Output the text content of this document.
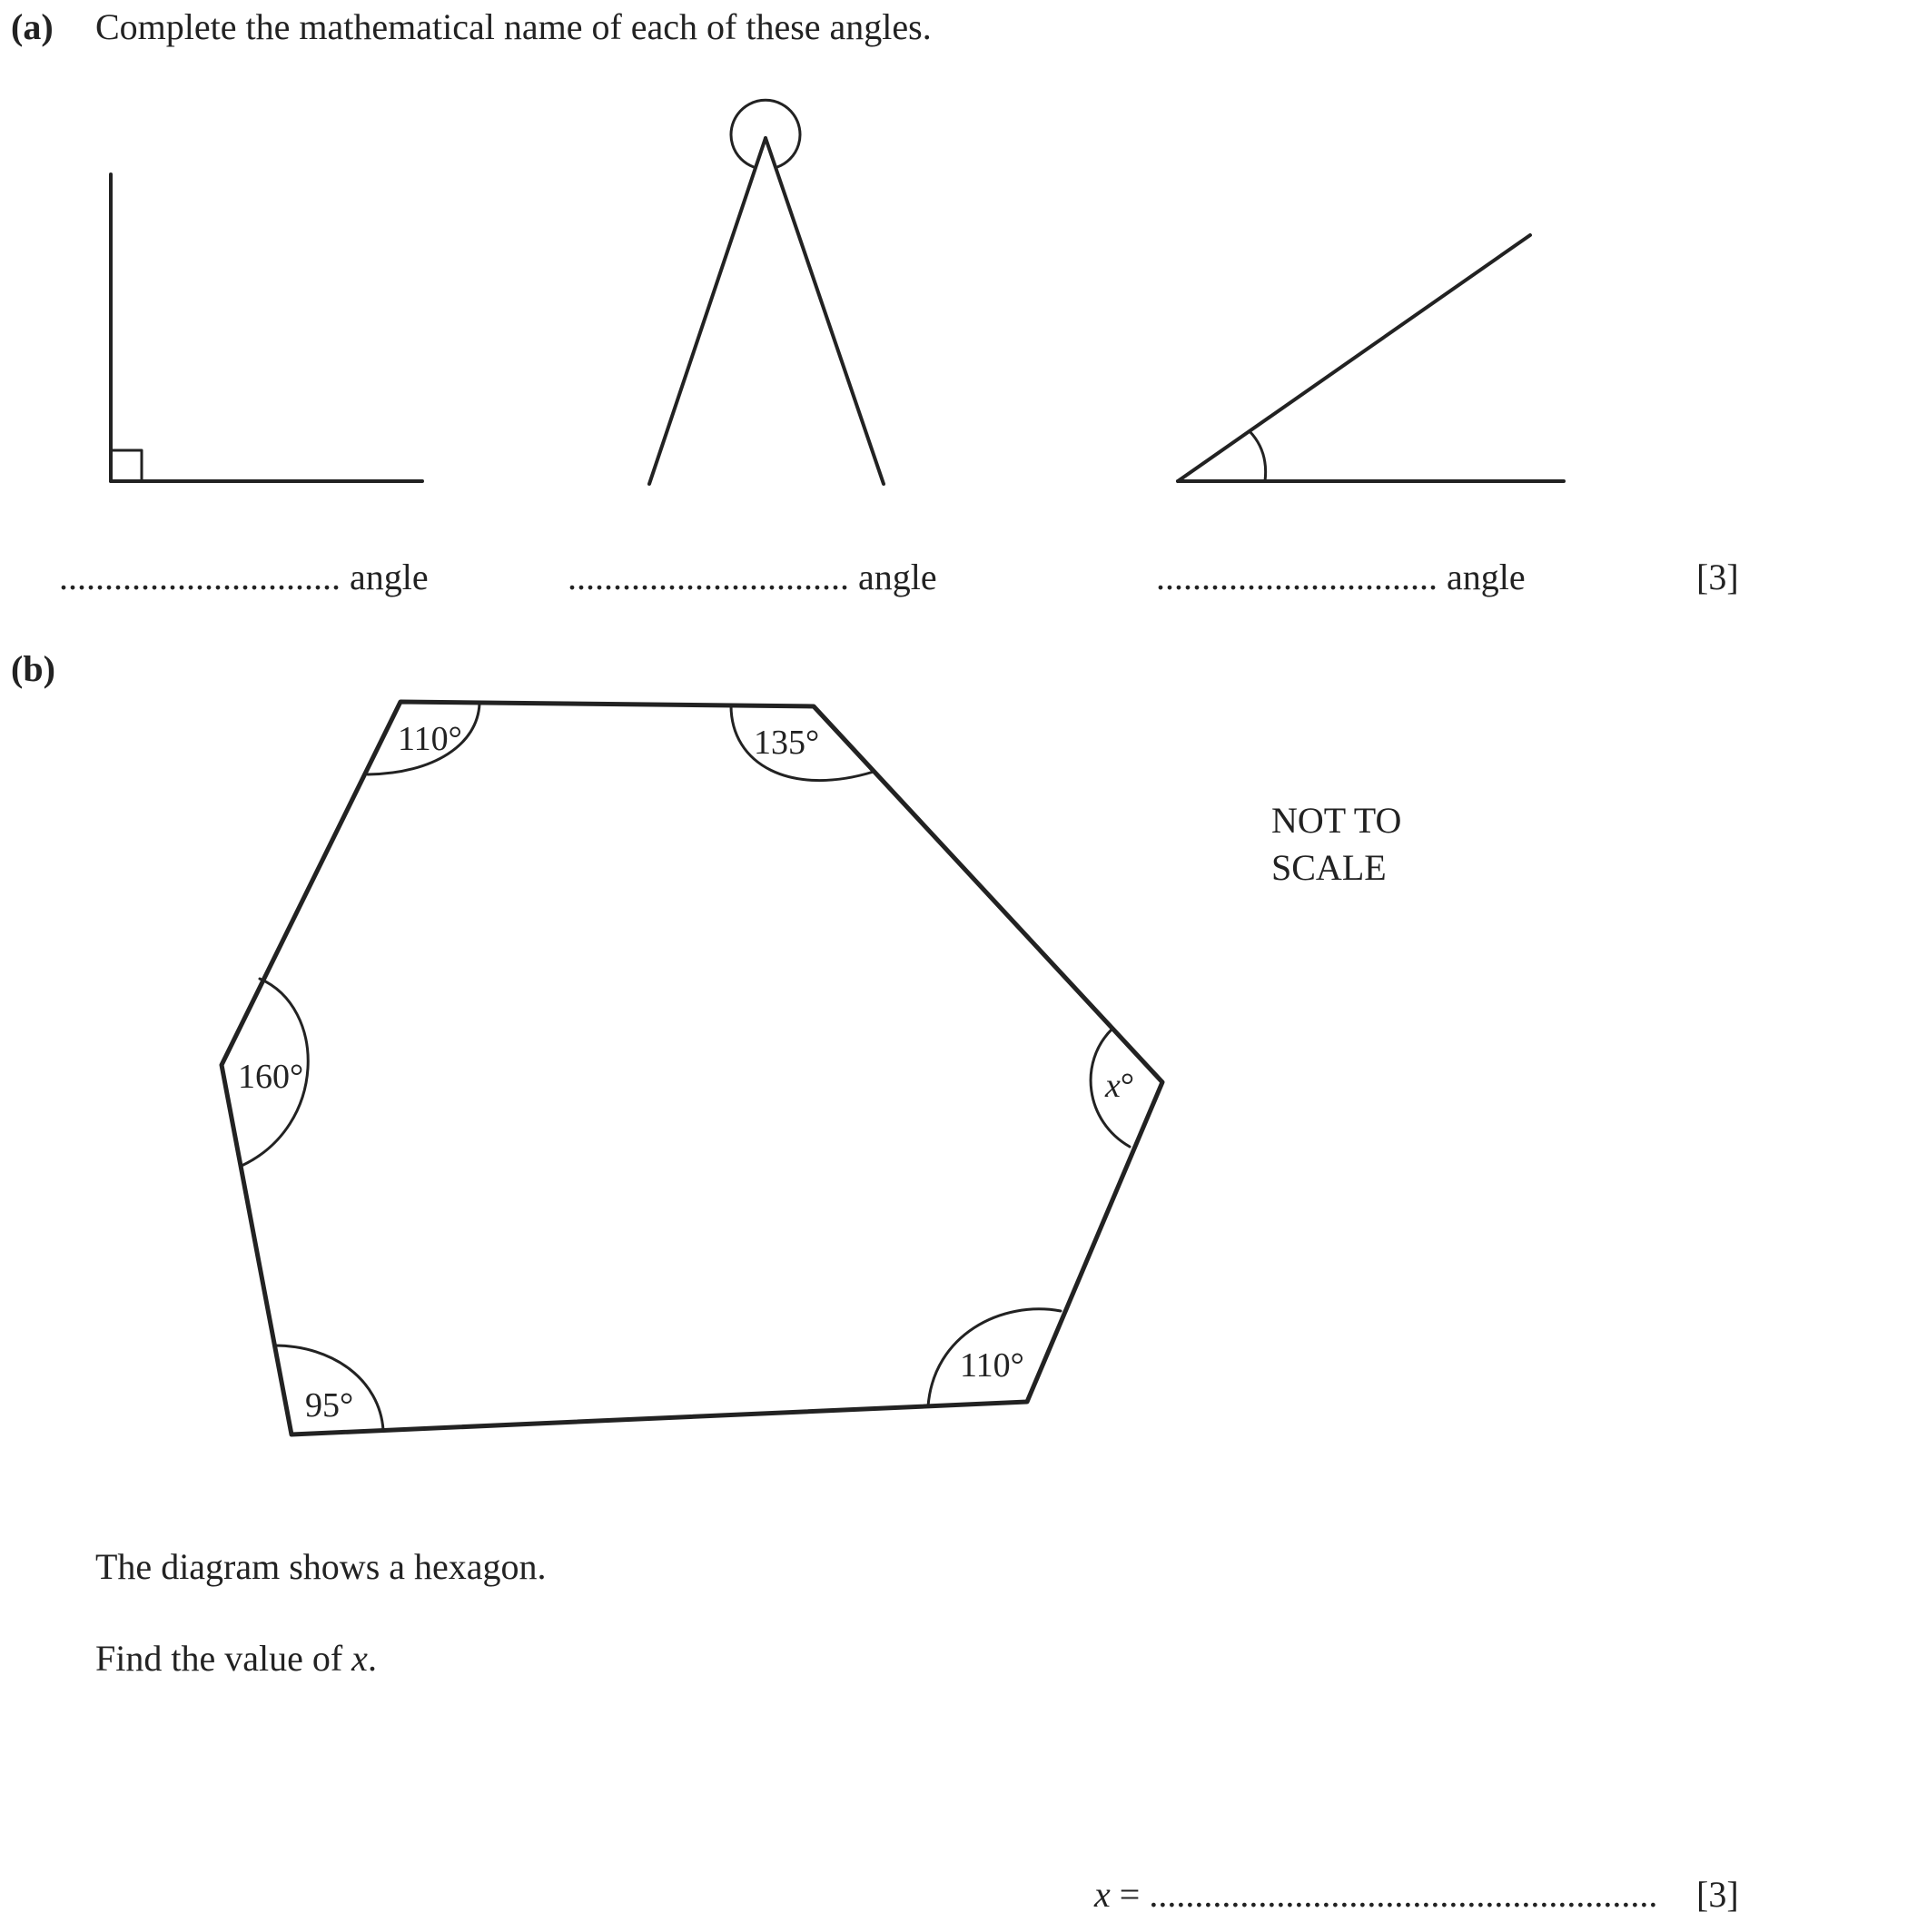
(a) Complete the mathematical name of each of these angles.
110°	135°
160°	x°
110°
95°
............................... angle	............................... angle	............................... angle	[3]
(b)
NOT TO
SCALE
The diagram shows a hexagon.
Find the value of x.
x = ........................................................ [3]
